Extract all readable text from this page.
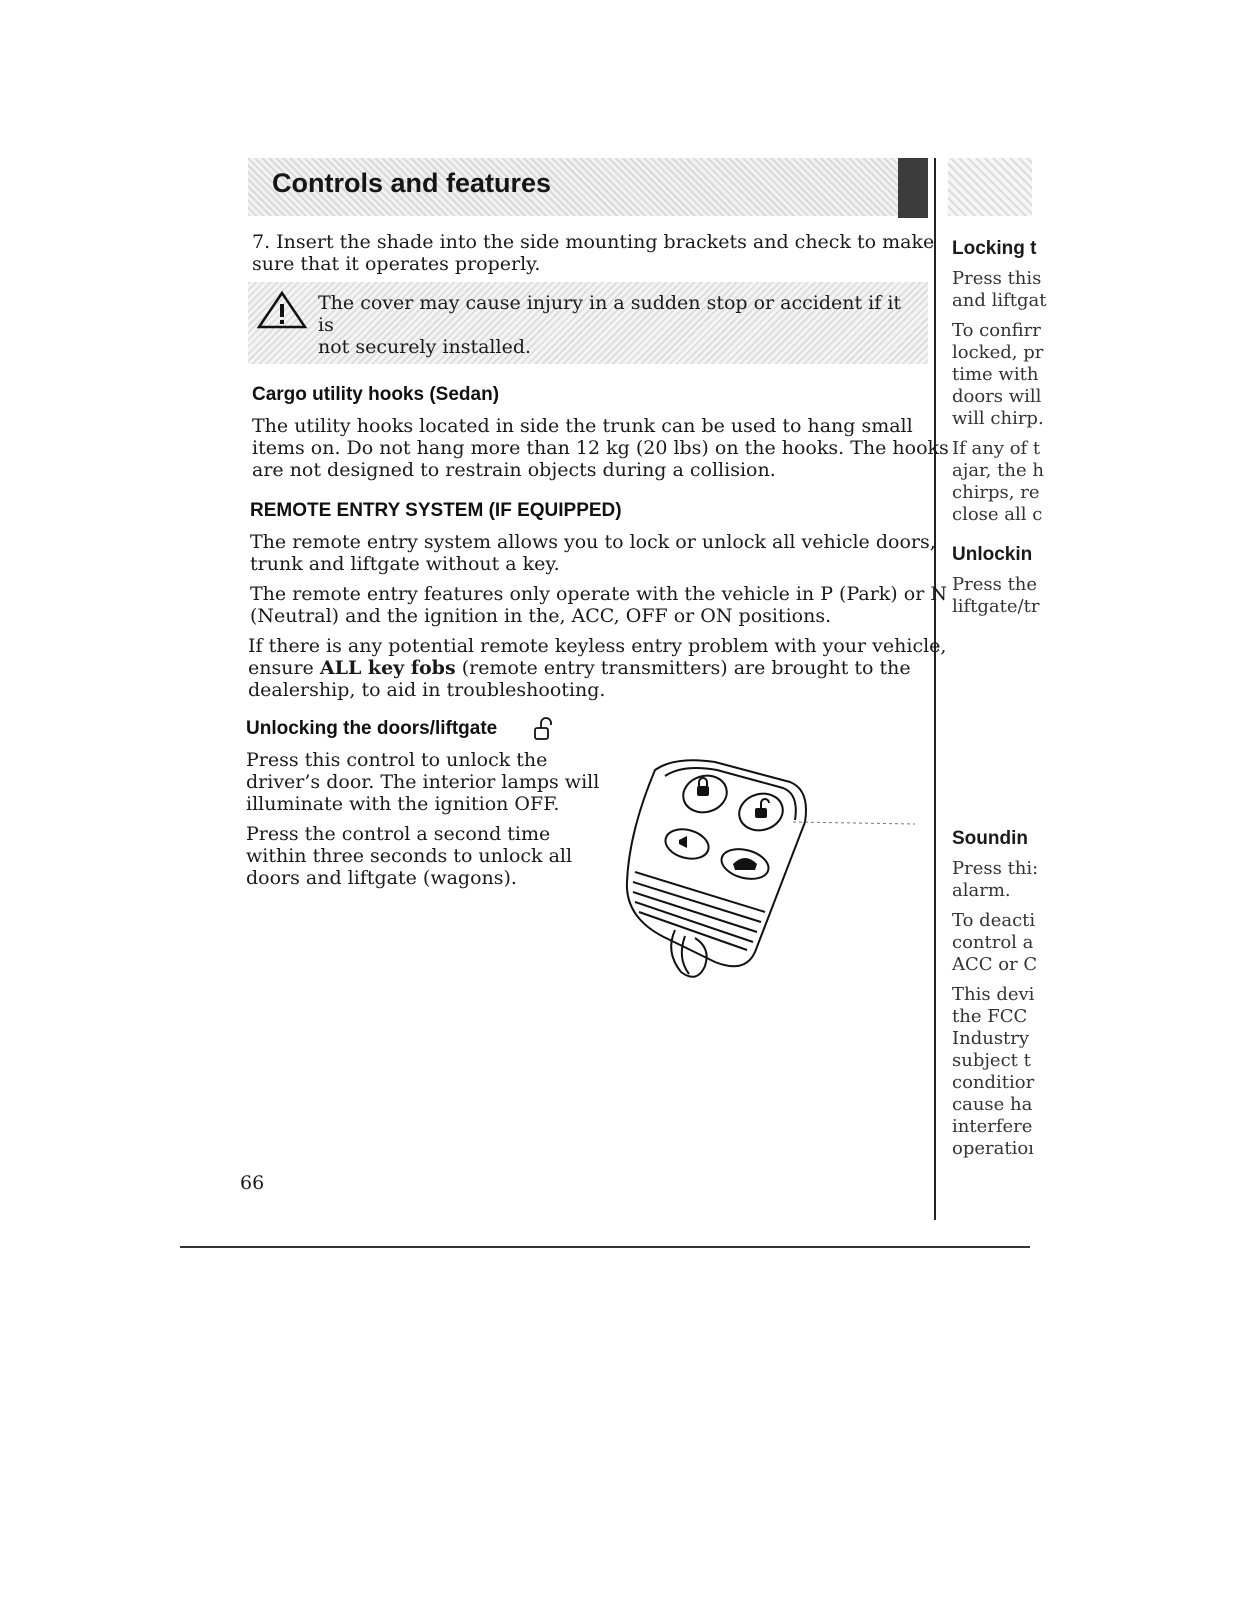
Controls and features
7. Insert the shade into the side mounting brackets and check to make
sure that it operates properly.
The cover may cause injury in a sudden stop or accident if it is
not securely installed.
Cargo utility hooks (Sedan)
The utility hooks located in side the trunk can be used to hang small
items on. Do not hang more than 12 kg (20 lbs) on the hooks. The hooks
are not designed to restrain objects during a collision.
REMOTE ENTRY SYSTEM (IF EQUIPPED)
The remote entry system allows you to lock or unlock all vehicle doors,
trunk and liftgate without a key.
The remote entry features only operate with the vehicle in P (Park) or N
(Neutral) and the ignition in the, ACC, OFF or ON positions.
If there is any potential remote keyless entry problem with your vehicle,
ensure ALL key fobs (remote entry transmitters) are brought to the
dealership, to aid in troubleshooting.
Unlocking the doors/liftgate
Press this control to unlock the
driver’s door. The interior lamps will
illuminate with the ignition OFF.
Press the control a second time
within three seconds to unlock all
doors and liftgate (wagons).
66
Locking t
Press this
and liftgat
To confirr
locked, pr
time with
doors will
will chirp.
If any of t
ajar, the h
chirps, re
close all c
Unlockin
Press the
liftgate/tr
Soundin
Press thi:
alarm.
To deacti
control a
ACC or C
This devi
the FCC
Industry
subject t
conditior
cause ha
interfere
operatioı
